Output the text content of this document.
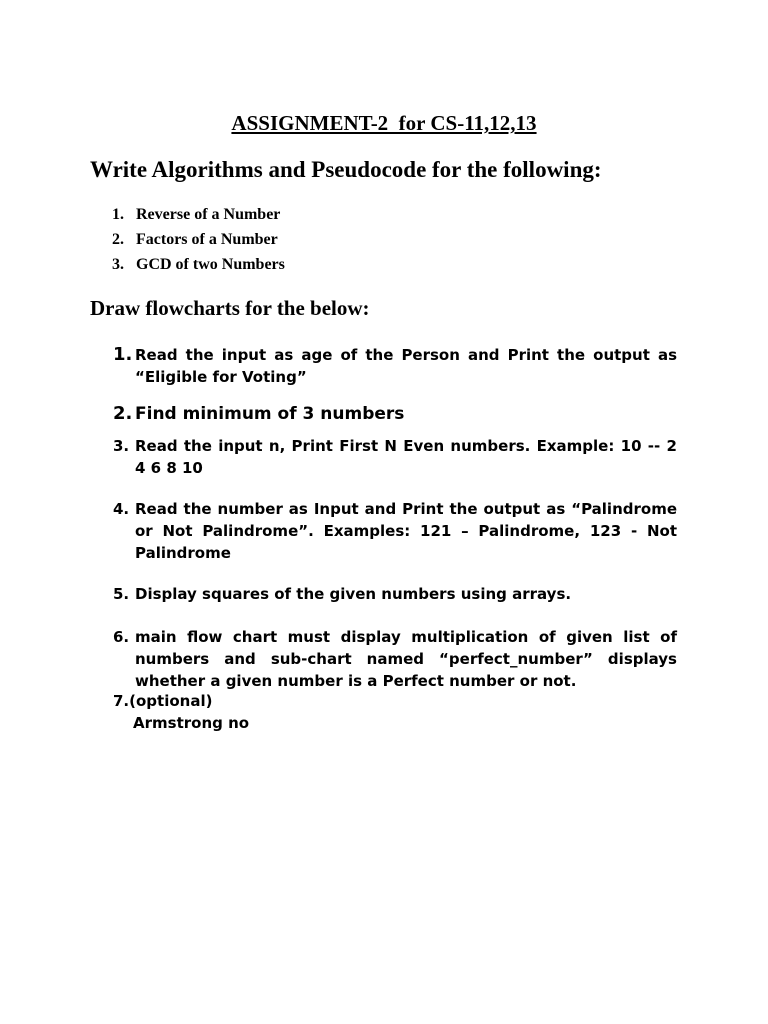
ASSIGNMENT-2  for CS-11,12,13
Write Algorithms and Pseudocode for the following:
1. Reverse of a Number
2. Factors of a Number
3. GCD of two Numbers
Draw flowcharts for the below:
1. Read the input as age of the Person and Print the output as “Eligible for Voting”
2. Find minimum of 3 numbers
3. Read the input n, Print First N Even numbers. Example: 10 -- 2 4 6 8 10
4. Read the number as Input and Print the output as “Palindrome or Not Palindrome”. Examples: 121 – Palindrome, 123 - Not Palindrome
5. Display squares of the given numbers using arrays.
6. main flow chart must display multiplication of given list of numbers and sub-chart named “perfect_number” displays whether a given number is a Perfect number or not.
7.(optional)
Armstrong no
